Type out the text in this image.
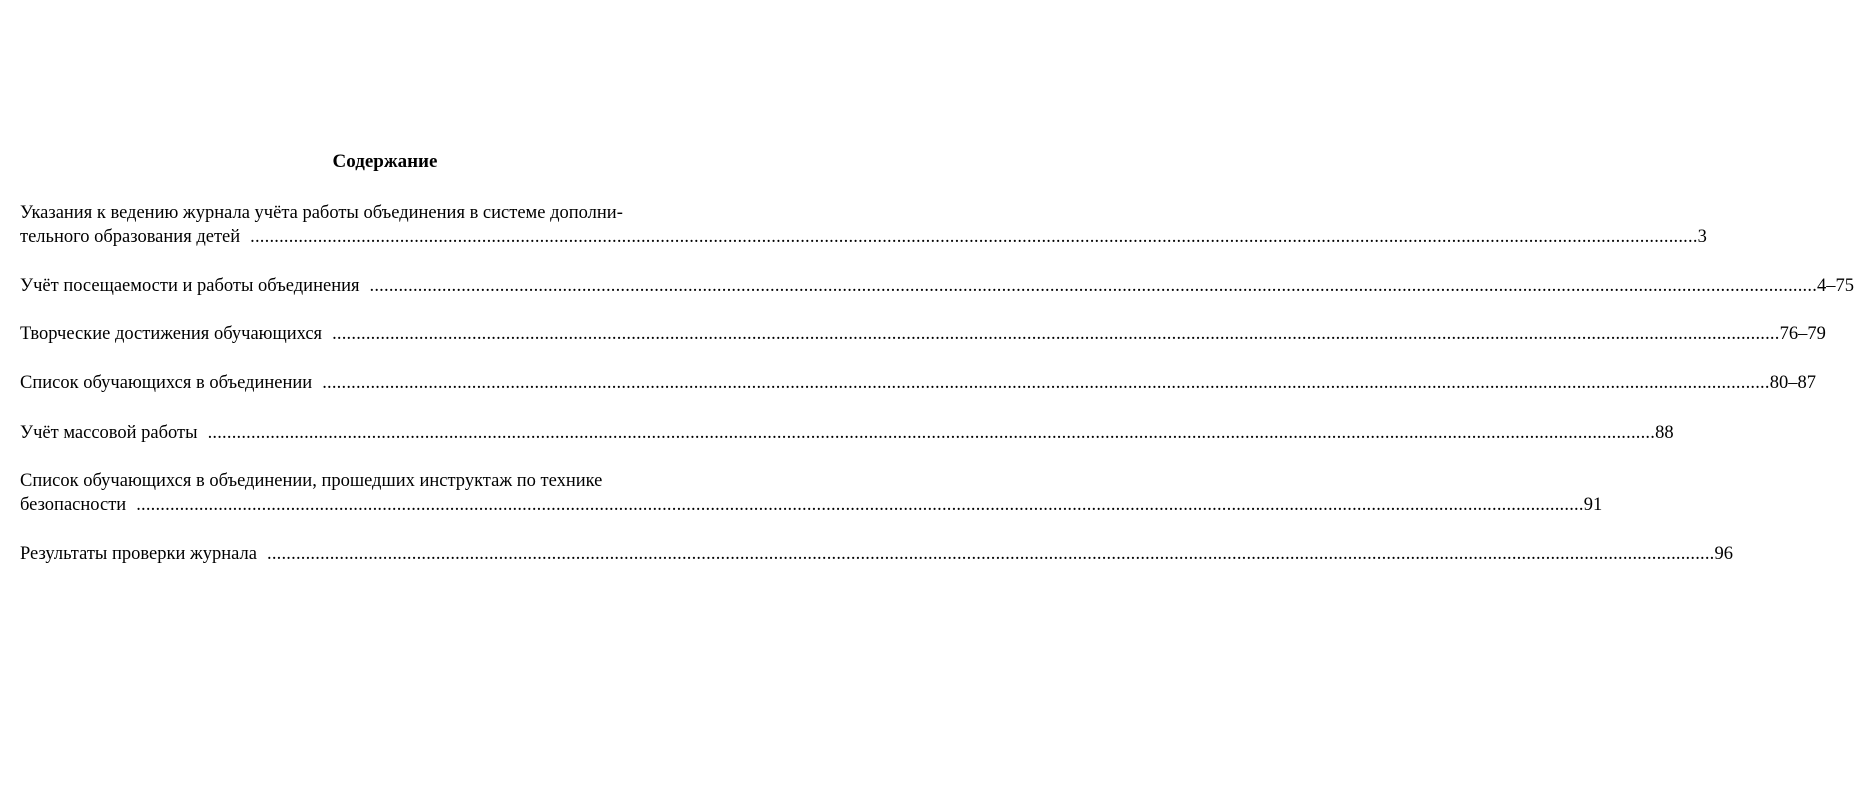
Содержание
Указания к ведению журнала учёта работы объединения в системе дополни-
тельного образования детей ............................................................................................................................................................................................................................................................................................................ 3
Учёт посещаемости и работы объединения ............................................................................................................................................................................................................................................................................................................ 4–75
Творческие достижения обучающихся ............................................................................................................................................................................................................................................................................................................ 76–79
Список обучающихся в объединении ............................................................................................................................................................................................................................................................................................................ 80–87
Учёт массовой работы ............................................................................................................................................................................................................................................................................................................ 88
Список обучающихся в объединении, прошедших инструктаж по технике
безопасности ............................................................................................................................................................................................................................................................................................................ 91
Результаты проверки журнала ............................................................................................................................................................................................................................................................................................................ 96
